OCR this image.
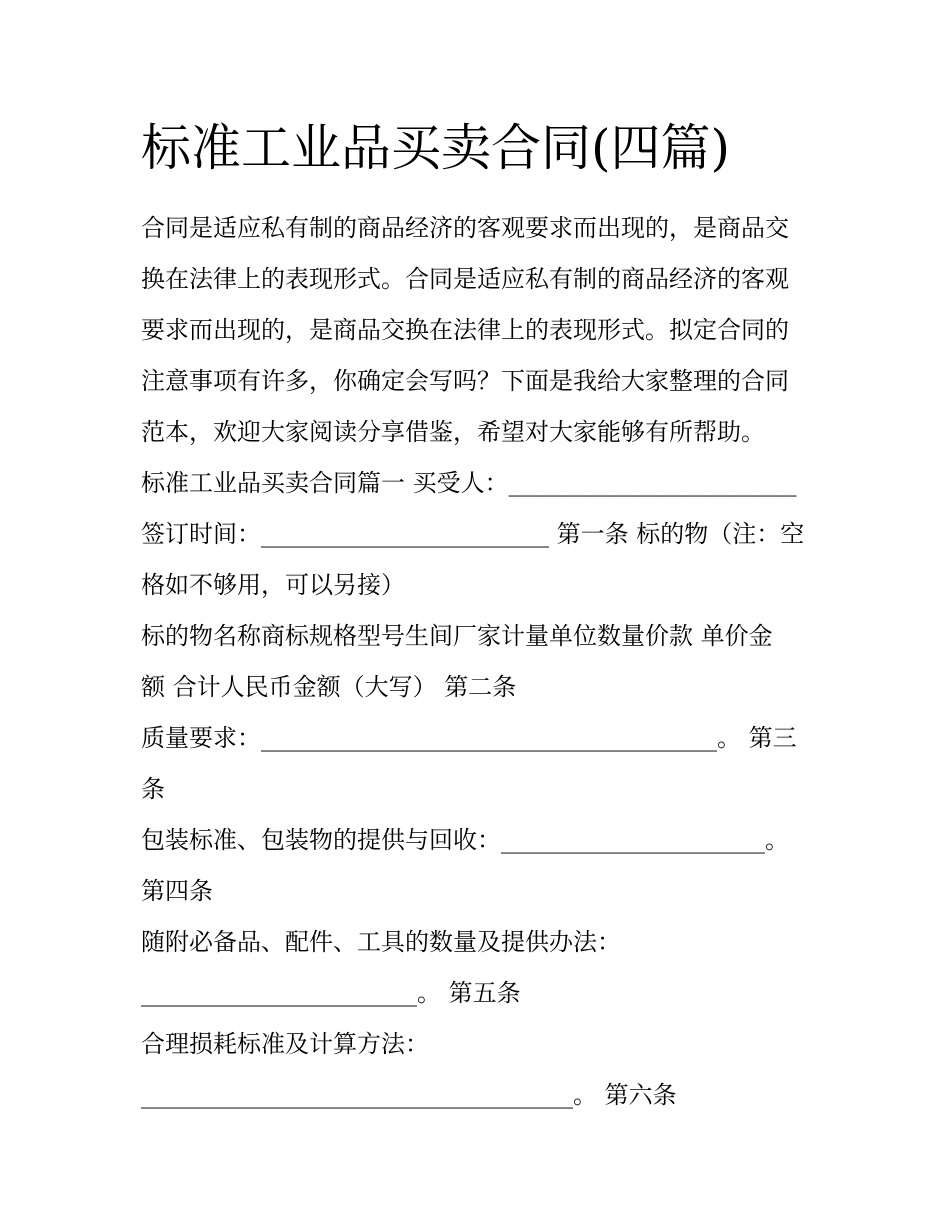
标准工业品买卖合同(四篇)
合同是适应私有制的商品经济的客观要求而出现的，是商品交
换在法律上的表现形式。合同是适应私有制的商品经济的客观
要求而出现的，是商品交换在法律上的表现形式。拟定合同的
注意事项有许多，你确定会写吗？下面是我给大家整理的合同
范本，欢迎大家阅读分享借鉴，希望对大家能够有所帮助。
标准工业品买卖合同篇一 买受人：________________________
签订时间：________________________ 第一条 标的物（注：空
格如不够用，可以另接）
标的物名称商标规格型号生间厂家计量单位数量价款 单价金
额 合计人民币金额（大写） 第二条
质量要求：______________________________________。 第三
条
包装标准、包装物的提供与回收：______________________。
第四条
随附必备品、配件、工具的数量及提供办法：
_______________________。 第五条
合理损耗标准及计算方法：
____________________________________。 第六条
